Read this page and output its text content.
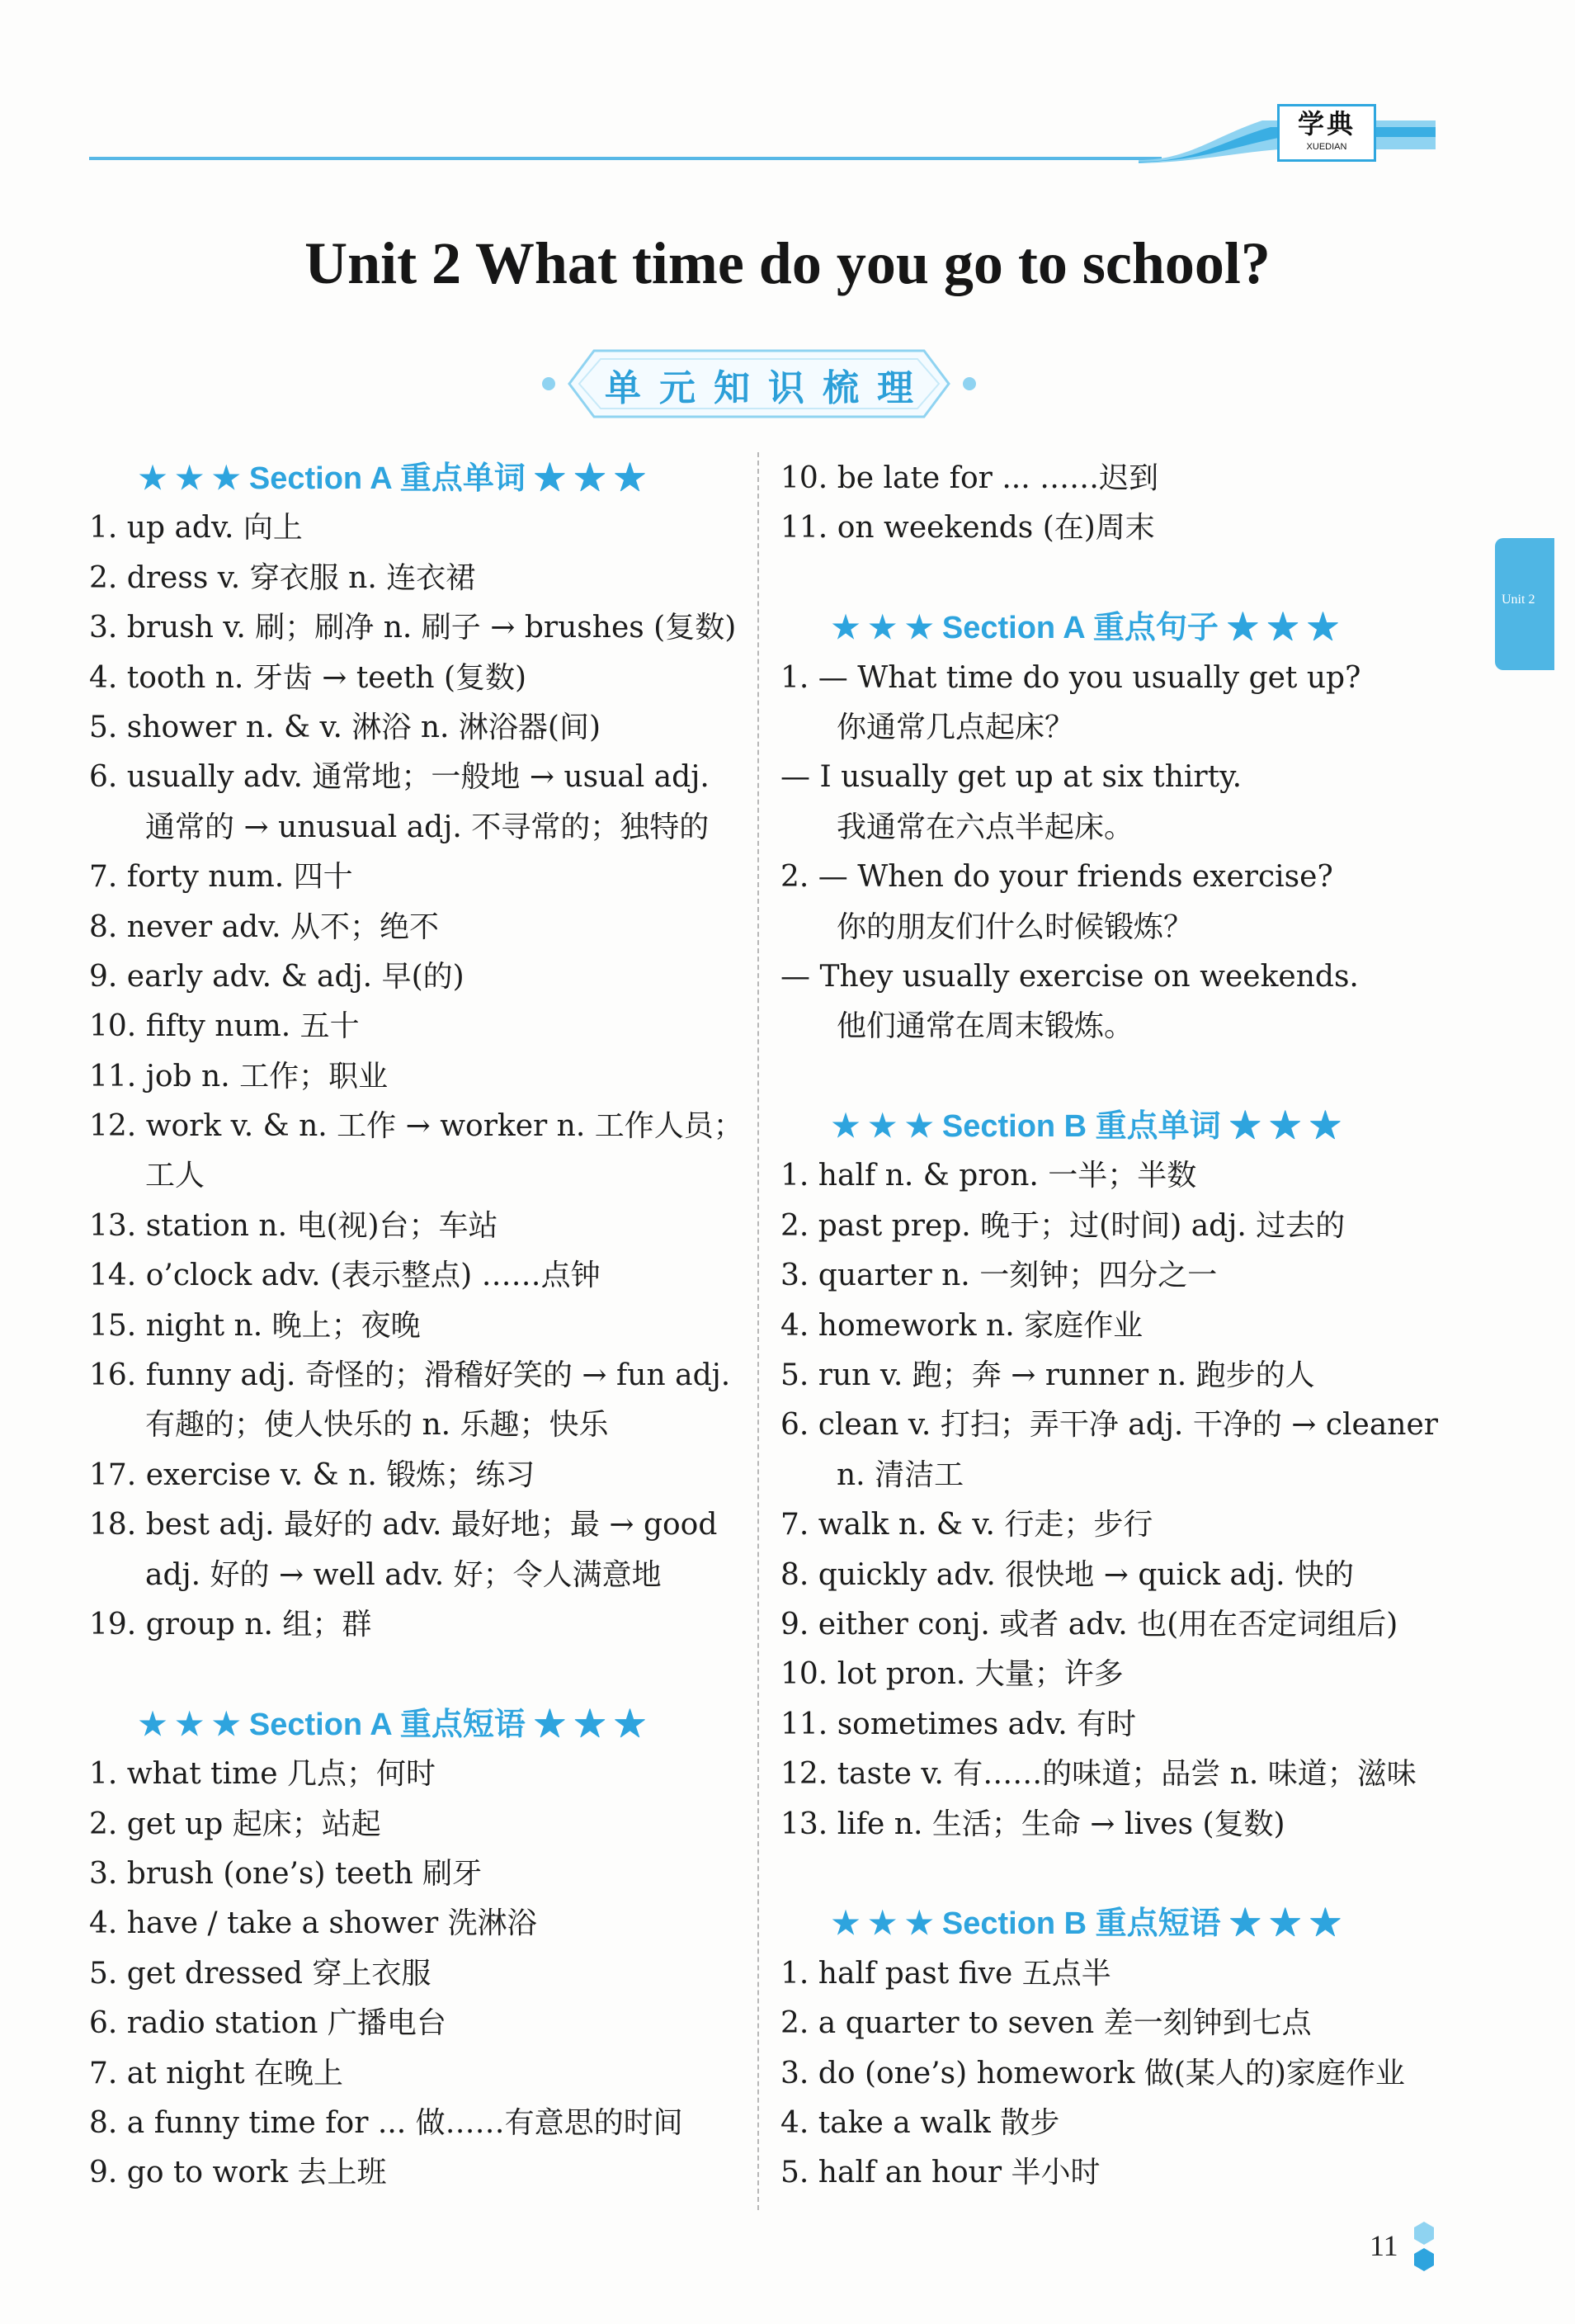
学典
XUEDIAN
Unit 2
Unit 2 What time do you go to school?
单元知识梳理
★ ★ ★ Section A 重点单词 ★ ★ ★
1. up adv. 向上
2. dress v. 穿衣服 n. 连衣裙
3. brush v. 刷；刷净 n. 刷子 → brushes (复数)
4. tooth n. 牙齿 → teeth (复数)
5. shower n. & v. 淋浴 n. 淋浴器(间)
6. usually adv. 通常地；一般地 → usual adj.
通常的 → unusual adj. 不寻常的；独特的
7. forty num. 四十
8. never adv. 从不；绝不
9. early adv. & adj. 早(的)
10. fifty num. 五十
11. job n. 工作；职业
12. work v. & n. 工作 → worker n. 工作人员；
工人
13. station n. 电(视)台；车站
14. o’clock adv. (表示整点) ……点钟
15. night n. 晚上；夜晚
16. funny adj. 奇怪的；滑稽好笑的 → fun adj.
有趣的；使人快乐的 n. 乐趣；快乐
17. exercise v. & n. 锻炼；练习
18. best adj. 最好的 adv. 最好地；最 → good
adj. 好的 → well adv. 好；令人满意地
19. group n. 组；群
★ ★ ★ Section A 重点短语 ★ ★ ★
1. what time 几点；何时
2. get up 起床；站起
3. brush (one’s) teeth 刷牙
4. have / take a shower 洗淋浴
5. get dressed 穿上衣服
6. radio station 广播电台
7. at night 在晚上
8. a funny time for ... 做……有意思的时间
9. go to work 去上班
10. be late for ... ……迟到
11. on weekends (在)周末
★ ★ ★ Section A 重点句子 ★ ★ ★
1. — What time do you usually get up?
你通常几点起床？
— I usually get up at six thirty.
我通常在六点半起床。
2. — When do your friends exercise?
你的朋友们什么时候锻炼？
— They usually exercise on weekends.
他们通常在周末锻炼。
★ ★ ★ Section B 重点单词 ★ ★ ★
1. half n. & pron. 一半；半数
2. past prep. 晚于；过(时间) adj. 过去的
3. quarter n. 一刻钟；四分之一
4. homework n. 家庭作业
5. run v. 跑；奔 → runner n. 跑步的人
6. clean v. 打扫；弄干净 adj. 干净的 → cleaner
n. 清洁工
7. walk n. & v. 行走；步行
8. quickly adv. 很快地 → quick adj. 快的
9. either conj. 或者 adv. 也(用在否定词组后)
10. lot pron. 大量；许多
11. sometimes adv. 有时
12. taste v. 有……的味道；品尝 n. 味道；滋味
13. life n. 生活；生命 → lives (复数)
★ ★ ★ Section B 重点短语 ★ ★ ★
1. half past five 五点半
2. a quarter to seven 差一刻钟到七点
3. do (one’s) homework 做(某人的)家庭作业
4. take a walk 散步
5. half an hour 半小时
11
